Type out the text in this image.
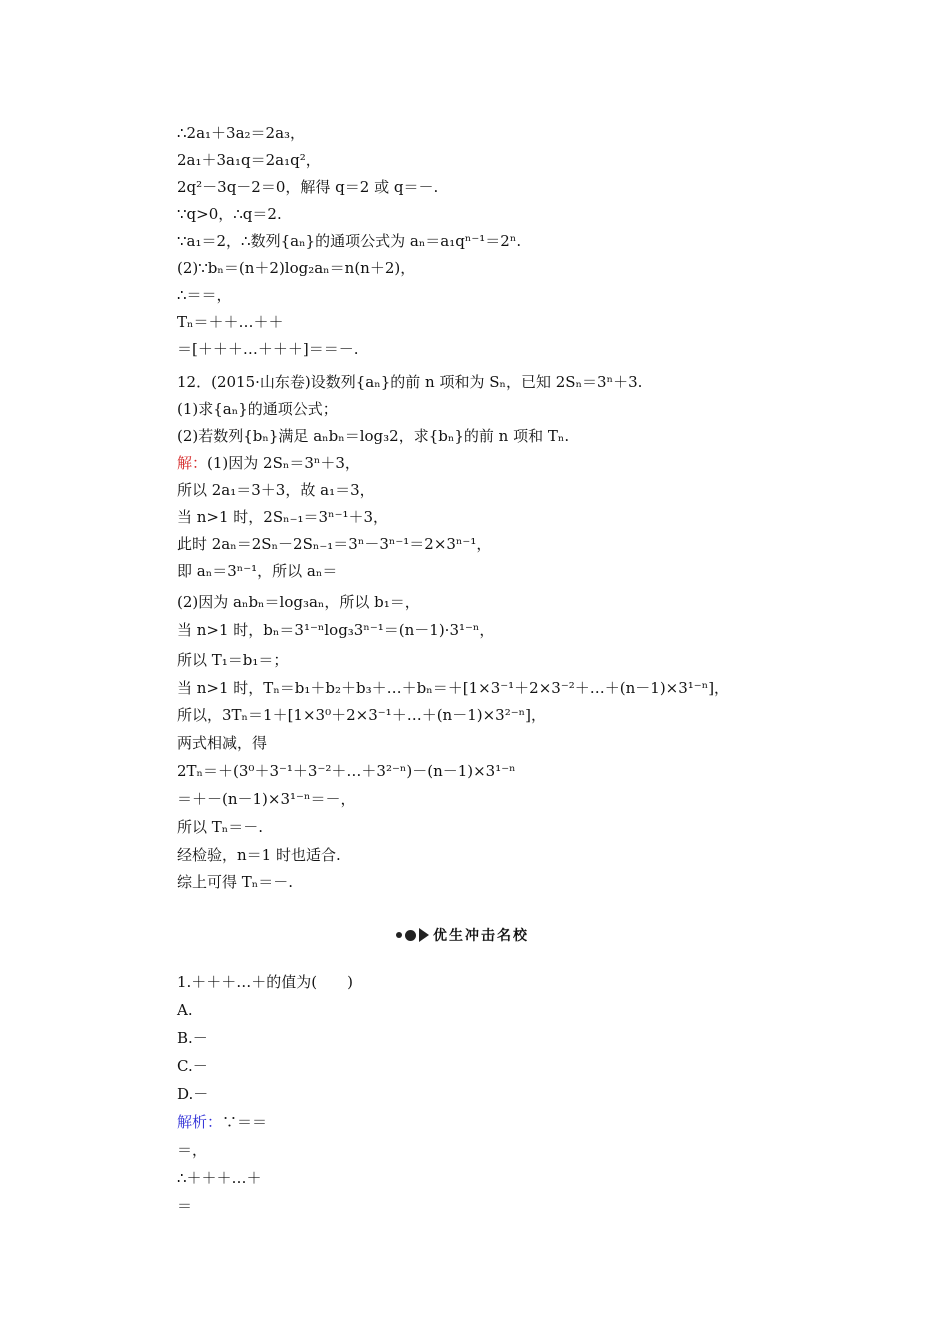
∴2a₁＋3a₂＝2a₃，
2a₁＋3a₁q＝2a₁q²，
2q²－3q－2＝0，解得 q＝2 或 q＝－.
∵q>0，∴q＝2.
∵a₁＝2，∴数列{aₙ}的通项公式为 aₙ＝a₁qⁿ⁻¹＝2ⁿ.
(2)∵bₙ＝(n＋2)log₂aₙ＝n(n＋2)，
∴＝＝，
Tₙ＝＋＋…＋＋
＝[＋＋＋…＋＋＋]＝＝－.
12．(2015·山东卷)设数列{aₙ}的前 n 项和为 Sₙ，已知 2Sₙ＝3ⁿ＋3.
(1)求{aₙ}的通项公式；
(2)若数列{bₙ}满足 aₙbₙ＝log₃2，求{bₙ}的前 n 项和 Tₙ.
解：(1)因为 2Sₙ＝3ⁿ＋3，
所以 2a₁＝3＋3，故 a₁＝3，
当 n>1 时，2Sₙ₋₁＝3ⁿ⁻¹＋3，
此时 2aₙ＝2Sₙ－2Sₙ₋₁＝3ⁿ－3ⁿ⁻¹＝2×3ⁿ⁻¹，
即 aₙ＝3ⁿ⁻¹，所以 aₙ＝
(2)因为 aₙbₙ＝log₃aₙ，所以 b₁＝，
当 n>1 时，bₙ＝3¹⁻ⁿlog₃3ⁿ⁻¹＝(n－1)·3¹⁻ⁿ，
所以 T₁＝b₁＝；
当 n>1 时，Tₙ＝b₁＋b₂＋b₃＋…＋bₙ＝＋[1×3⁻¹＋2×3⁻²＋…＋(n－1)×3¹⁻ⁿ]，
所以，3Tₙ＝1＋[1×3⁰＋2×3⁻¹＋…＋(n－1)×3²⁻ⁿ]，
两式相减，得
2Tₙ＝＋(3⁰＋3⁻¹＋3⁻²＋…＋3²⁻ⁿ)－(n－1)×3¹⁻ⁿ
＝＋－(n－1)×3¹⁻ⁿ＝－，
所以 Tₙ＝－.
经检验，n＝1 时也适合.
综上可得 Tₙ＝－.
优生冲击名校
1.＋＋＋…＋的值为(　　)
A.
B.－
C.－
D.－
解析：∵＝＝
＝，
∴＋＋＋…＋
＝
